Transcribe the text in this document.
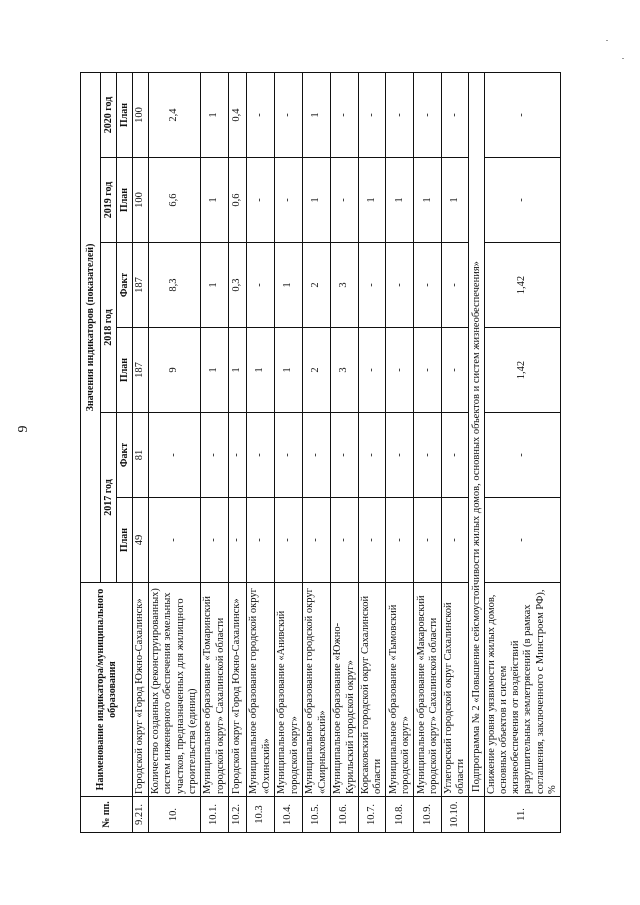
9
№ пп.	Наименование индикатора/муниципального образования	Значения индикаторов (показателей)					
		2017 год		2018 год		2019 год	2020 год
		План	Факт	План	Факт	План	План
9.21.	Городской округ «Город Южно-Сахалинск»	49	81	187	187	100	100
10.	Количество созданных (реконструированных) систем инженерного обеспечения земельных участков, предназначенных для жилищного строительства (единиц)	-	-	9	8,3	6,6	2,4
10.1.	Муниципальное образование «Томаринский городской округ» Сахалинской области	-	-	1	1	1	1
10.2.	Городской округ «Город Южно-Сахалинск»	-	-	1	0,3	0,6	0,4
10.3	Муниципальное образование городской округ «Охинский»	-	-	1	-	-	-
10.4.	Муниципальное образование «Анивский городской округ»	-	-	1	1	-	-
10.5.	Муниципальное образование городской округ «Смирныховский»	-	-	2	2	1	1
10.6.	Муниципальное образование «Южно-Курильский городской округ»	-	-	3	3	-	-
10.7.	Корсаковский городской округ Сахалинской области	-	-	-	-	1	-
10.8.	Муниципальное образование «Тымовский городской округ»	-	-	-	-	1	-
10.9.	Муниципальное образование «Макаровский городской округ» Сахалинской области	-	-	-	-	1	-
10.10.	Углегорский городской округ Сахалинской области	-	-	-	-	1	-
	Подпрограмма № 2 «Повышение сейсмоустойчивости жилых домов, основных объектов и систем жизнеобеспечения»						
11.	Снижение уровня уязвимости жилых домов, основных объектов и систем жизнеобеспечения от воздействий разрушительных землетрясений (в рамках соглашения, заключенного с Минстроем РФ), %	-	-	1,42	1,42	-	-
